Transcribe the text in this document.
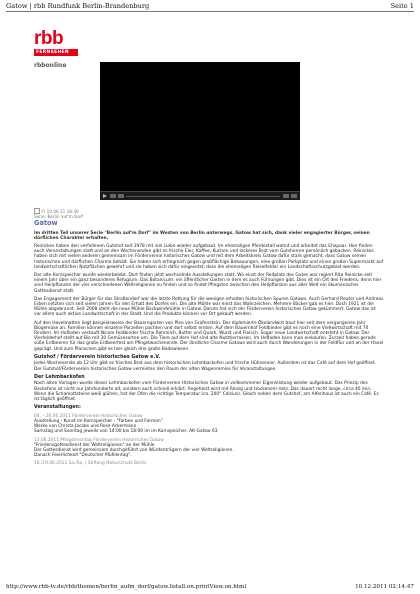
Gatow | rbb Rundfunk Berlin-Brandenburg	Seite 1
rbb
FERNSEHEN
rbbonline
Fr 10.06.11 18:30
Serie: Berlin auf'm Dorf
Gatow
Im dritten Teil unserer Serie "Berlin auf'm Dorf" im Westen von Berlin unterwegs. Gatow hat sich, dank vieler engagierter Bürger, seinen dörflichen Charakter erhalten.

Reinickes haben den verfallenen Gutshof seit 1978 mit viel Liebe wieder aufgebaut. Im ehemaligen Pferdestall wohnt und arbeitet das Ehepaar. Hier finden auch Veranstaltungen statt und an den Wochenenden gibt es frische Eier, Kaffee, Kuchen und leckeres Brot vom Gutsherren persönlich gebacken. Reinickes haben sich mit vielen anderen gemeinsam im Förderverein historisches Gatow und mit dem Arbeitskreis Gatow dafür stark gemacht, dass Gatow seinen historischen und dörflichen Charme behält. Sie haben sich erfolgreich gegen großflächige Bebauungen, eine großen Parkplatz und einen großen Supermarkt auf landwirtschaftlichen Nutzflächen gewehrt und sie haben sich dafür eingesetzt, dass die ehemaligen Rieselfelder ein Landschaftsschutzgebiet werden.

Der alte Kornspeicher wurde wiederbelebt. Dort finden jetzt wechselnde Ausstellungen statt. Wo einst der Reitplatz des Gutes war regiert Rita Reinicke seit einem Jahr über ein ganz besonderes Refugium. Das Botanicum: ein öffentlicher Garten in dem es auch Führungen gibt. Dies ist ein Ort des Friedens, denn hier sind Heilpflanzen der vier verschiedenen Weltreligionen zu finden und so findet Pfingsten zwischen den Heilpflanzen aus aller Welt ein ökumenischer Gottesdienst statt.

Das Engagement der Bürger für das Straßendorf war die letzte Rettung für die wenigen erhalten historischen Spuren Gatows. Auch Gerhard Reuter und Andreas Erben setzten sich seit vielen Jahren für den Erhalt des Dorfes ein. Die alte Mühle war einst das Wahrzeichen. Mehrere Bäcker gab es hier. Doch 1921 ist die Mühle abgebrannt. Seit 2008 steht die neue Mühle Bockwindmühle in Gatow. Darum hat sich der Förderverein historisches Gatow gekümmert. Gatow das ist vor allem auch aktive Landwirtschaft in der Stadt. Und die Produkte können vor Ort gekauft werden.

Auf den Havelmatten liegt beispielsweise der Bauerngarten von Pleo von Grafenstein. Der diplomierte Ökolandwirt baut hier seit dem vergangenen Jahr Biogemüse an. Familien können einzelne Parzellen pachten und dort selbst ernten. Auf dem Bauernhof Feldbinder gibt es noch eine Viehwirtschaft mit 70 Rindern. Im Hofladen verkauft Nicole Feldbinder frische Rohmilch, Butter und Quark, Wurst und Fleisch. Sogar neue Landwirtschaft entsteht in Gatow. Der Vierfelderhof stellt auf Bio mit 30 Gemüsesorten um. Die Tiere auf dem Hof sind alte Nutztierrassen. Im Hofladen kann man einkaufen. Zurzeit haben gerade süße Erdbeeren für das große Erdbeerfest am Pfingstwochenende. Der ländliche Charme Gatows wird auch durch Wanderungen in der Feldflur und an der Havel geprägt. Und zum Planschen gibt es hier gleich drei große Badewiesen.

Gutshof / Förderverein historisches Gatow e.V.

Jedes Wochenende ab 12 Uhr gibt es frisches Brot aus dem historischen Lehmbackofen und frische Hühnereier. Außerdem ist das Café auf dem Hof geöffnet. Der Gutshof/Förderverein historisches Gatow vermieten den Raum der alten Wagenremise für Veranstaltungen.

Der Lehmbackofen

Nach alten Vorlagen wurde dieser Lehmbackofen vom Förderverein Historisches Gatow in vollkommener Eigenleistung wieder aufgebaut. Das Prinzip des Backofens ist nicht nur Jahrhunderte alt, sondern auch schnell erklärt. Angeheizt wird mit Reisig und trockenem Holz. Das dauert recht lange, circa 40 min. Wenn die Schamottsteine weiß glühen, hat der Ofen die richtige Temperatur (ca. 200° Celsius). Gleich neben dem Gutshof, am Alfenhaus ist auch ein Café. Es ist täglich geöffnet.

Veranstaltungen:
04. – 26.06.2011 Förderverein Historisches Gatow
Ausstellung - Kunst im Kornspeicher - "Farben und Formen"
Werke von Christa Jacobs und Rose Ackermann
Samstag und Sonntag jeweils von 14:00 bis 18:00 im im Kornspeicher, Alt-Gatow 63
13.06.2011 Pfingstmontag Förderverein Historisches Gatow
"Friedensgottesdienst der Weltreligionen" an der Mühle
Der Gottesdienst wird gemeinsam durchgeführt von Würdenträgern der vier Weltreligionen.
Danach Feierlichkeit "Deutscher Mühlentag".
18./19.06.2011 Sa./So. | Stiftung Naturschutz Berlin
http://www.rbb-tv.de/rbb/themen/berlin_aufm_dorf/gatow.listall.on.printView.on.html	10.12.2011 02:14:47
